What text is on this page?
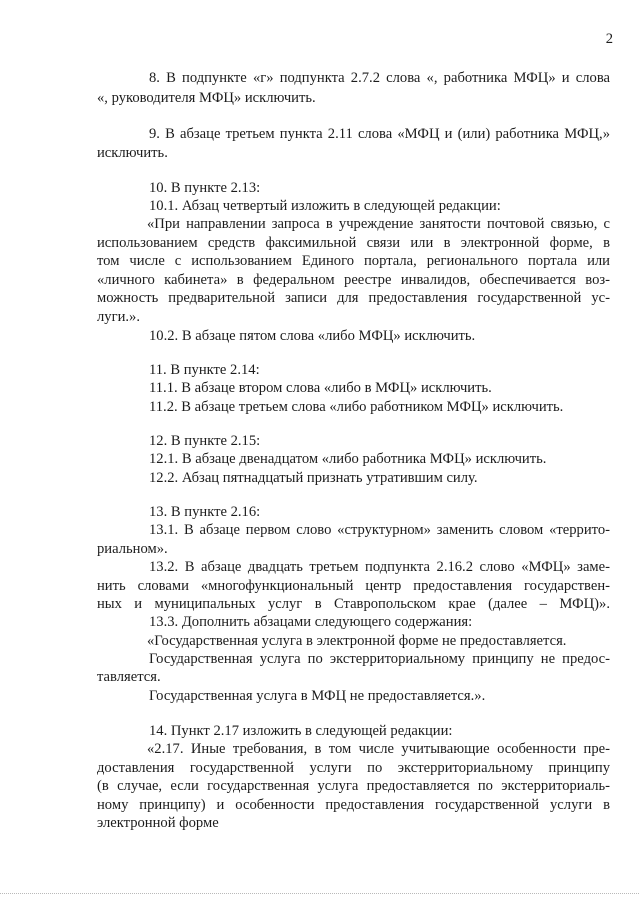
2
8. В подпункте «г» подпункта 2.7.2 слова «, работника МФЦ» и слова
«, руководителя МФЦ» исключить.
9. В абзаце третьем пункта 2.11 слова «МФЦ и (или) работника МФЦ,»
исключить.
10. В пункте 2.13:
10.1. Абзац четвертый изложить в следующей редакции:
«При направлении запроса в учреждение занятости почтовой связью, с
использованием средств факсимильной связи или в электронной форме, в
том числе с использованием Единого портала, регионального портала или
«личного кабинета» в федеральном реестре инвалидов, обеспечивается воз-
можность предварительной записи для предоставления государственной ус-
луги.».
10.2. В абзаце пятом слова «либо МФЦ» исключить.
11. В пункте 2.14:
11.1. В абзаце втором слова «либо в МФЦ» исключить.
11.2. В абзаце третьем слова «либо работником МФЦ» исключить.
12. В пункте 2.15:
12.1. В абзаце двенадцатом «либо работника МФЦ» исключить.
12.2. Абзац пятнадцатый признать утратившим силу.
13. В пункте 2.16:
13.1. В абзаце первом слово «структурном» заменить словом «террито-
риальном».
13.2. В абзаце двадцать третьем подпункта 2.16.2 слово «МФЦ» заме-
нить словами «многофункциональный центр предоставления государствен-
ных и муниципальных услуг в Ставропольском крае (далее – МФЦ)».
13.3. Дополнить абзацами следующего содержания:
«Государственная услуга в электронной форме не предоставляется.
Государственная услуга по экстерриториальному принципу не предос-
тавляется.
Государственная услуга в МФЦ не предоставляется.».
14. Пункт 2.17 изложить в следующей редакции:
«2.17. Иные требования, в том числе учитывающие особенности пре-
доставления государственной услуги по экстерриториальному принципу
(в случае, если государственная услуга предоставляется по экстерриториаль-
ному принципу) и особенности предоставления государственной услуги в
электронной форме
